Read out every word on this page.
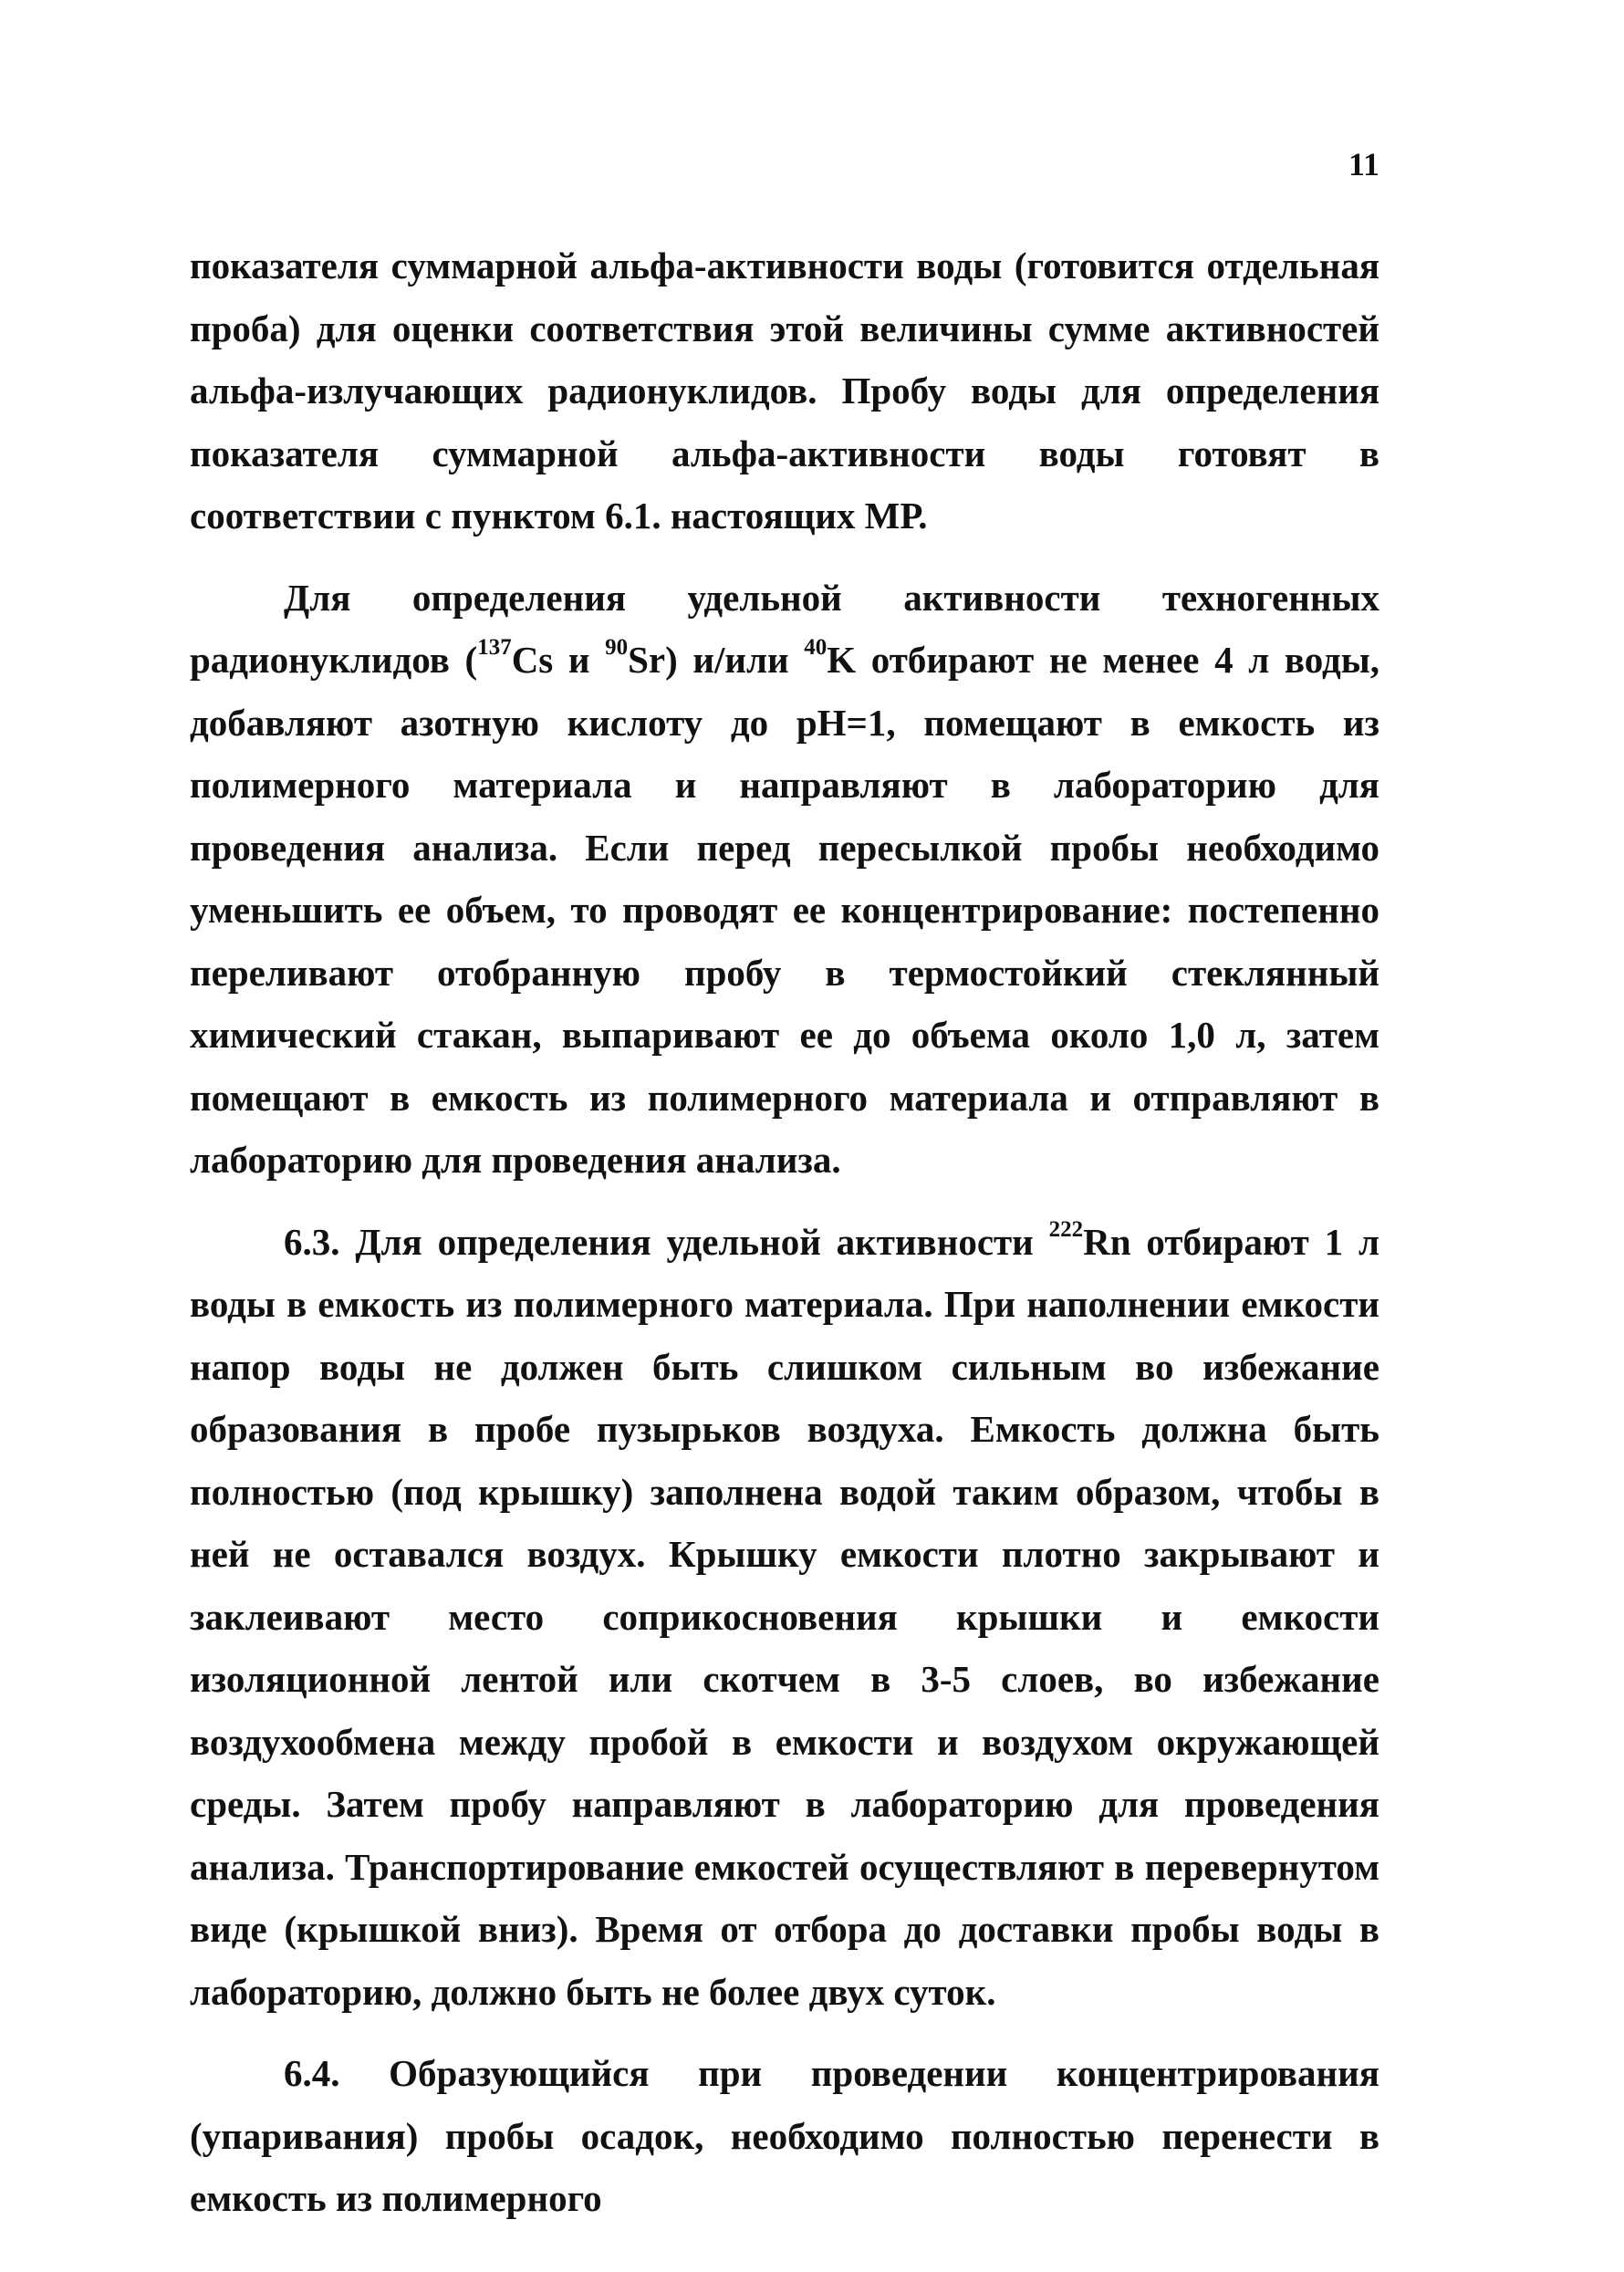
11

показателя суммарной альфа-активности воды (готовится отдельная проба) для оценки соответствия этой величины сумме активностей альфа-излучающих радионуклидов. Пробу воды для определения показателя суммарной альфа-активности воды готовят в соответствии с пунктом 6.1. настоящих МР.

Для определения удельной активности техногенных радионуклидов ($^{137}$Cs и $^{90}$Sr) и/или $^{40}$K отбирают не менее 4 л воды, добавляют азотную кислоту до pH=1, помещают в емкость из полимерного материала и направляют в лабораторию для проведения анализа. Если перед пересылкой пробы необходимо уменьшить ее объем, то проводят ее концентрирование: постепенно переливают отобранную пробу в термостойкий стеклянный химический стакан, выпаривают ее до объема около 1,0 л, затем помещают в емкость из полимерного материала и отправляют в лабораторию для проведения анализа.

6.3. Для определения удельной активности $^{222}$Rn отбирают 1 л воды в емкость из полимерного материала. При наполнении емкости напор воды не должен быть слишком сильным во избежание образования в пробе пузырьков воздуха. Емкость должна быть полностью (под крышку) заполнена водой таким образом, чтобы в ней не оставался воздух. Крышку емкости плотно закрывают и заклеивают место соприкосновения крышки и емкости изоляционной лентой или скотчем в 3-5 слоев, во избежание воздухообмена между пробой в емкости и воздухом окружающей среды. Затем пробу направляют в лабораторию для проведения анализа. Транспортирование емкостей осуществляют в перевернутом виде (крышкой вниз). Время от отбора до доставки пробы воды в лабораторию, должно быть не более двух суток.

6.4. Образующийся при проведении концентрирования (упаривания) пробы осадок, необходимо полностью перенести в емкость из полимерного
